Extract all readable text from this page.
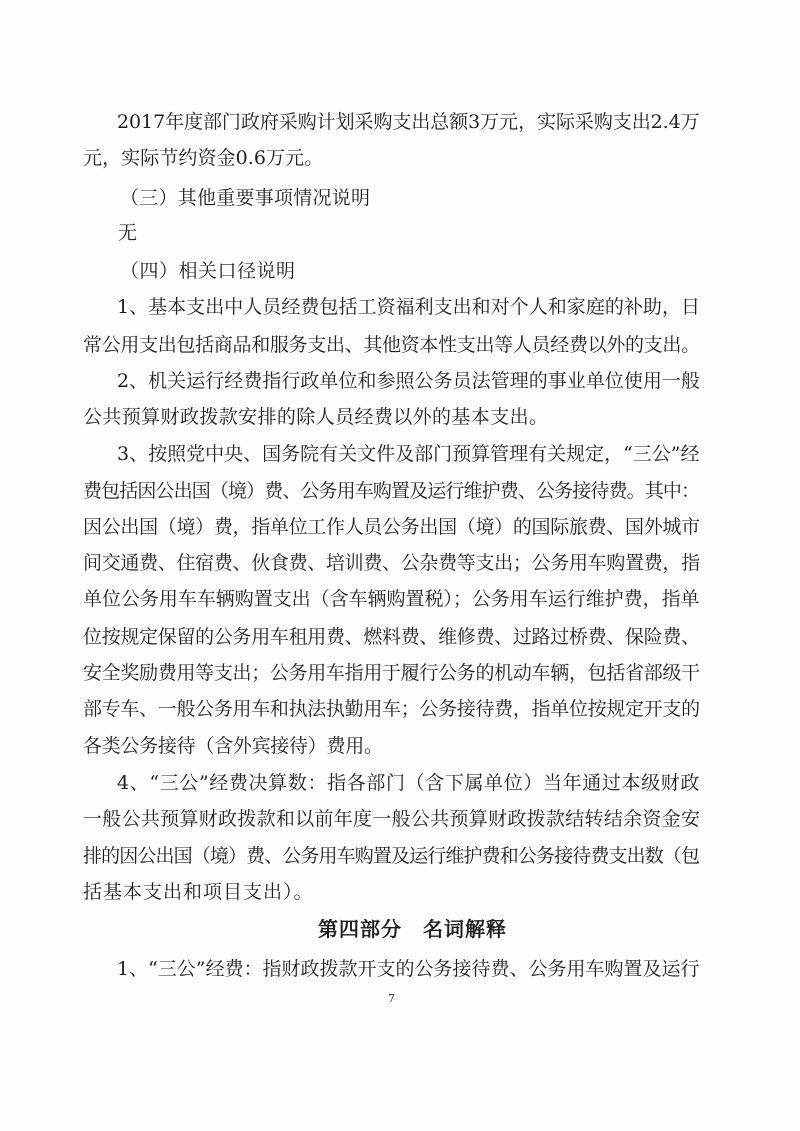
2017年度部门政府采购计划采购支出总额3万元，实际采购支出2.4万

元，实际节约资金0.6万元。

（三）其他重要事项情况说明

无

（四）相关口径说明

1、基本支出中人员经费包括工资福利支出和对个人和家庭的补助，日

常公用支出包括商品和服务支出、其他资本性支出等人员经费以外的支出。

2、机关运行经费指行政单位和参照公务员法管理的事业单位使用一般

公共预算财政拨款安排的除人员经费以外的基本支出。

3、按照党中央、国务院有关文件及部门预算管理有关规定，“三公”经

费包括因公出国（境）费、公务用车购置及运行维护费、公务接待费。其中：

因公出国（境）费，指单位工作人员公务出国（境）的国际旅费、国外城市

间交通费、住宿费、伙食费、培训费、公杂费等支出；公务用车购置费，指

单位公务用车车辆购置支出（含车辆购置税）；公务用车运行维护费，指单

位按规定保留的公务用车租用费、燃料费、维修费、过路过桥费、保险费、

安全奖励费用等支出；公务用车指用于履行公务的机动车辆，包括省部级干

部专车、一般公务用车和执法执勤用车；公务接待费，指单位按规定开支的

各类公务接待（含外宾接待）费用。

4、“三公”经费决算数：指各部门（含下属单位）当年通过本级财政

一般公共预算财政拨款和以前年度一般公共预算财政拨款结转结余资金安

排的因公出国（境）费、公务用车购置及运行维护费和公务接待费支出数（包

括基本支出和项目支出）。

第四部分　名词解释

1、“三公”经费：指财政拨款开支的公务接待费、公务用车购置及运行

7
